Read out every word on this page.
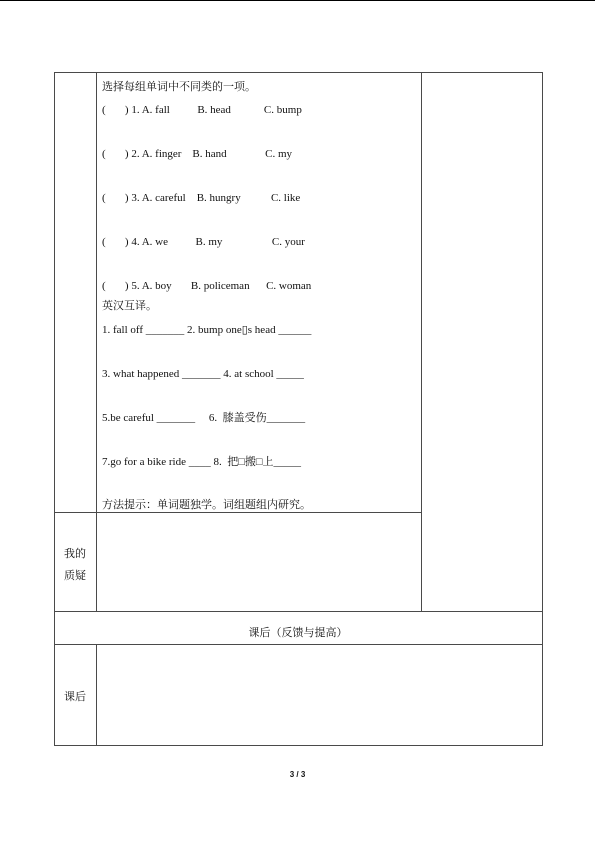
选择每组单词中不同类的一项。
(       ) 1. A. fall          B. head            C. bump
(       ) 2. A. finger    B. hand              C. my
(       ) 3. A. careful    B. hungry           C. like
(       ) 4. A. we          B. my                  C. your
(       ) 5. A. boy       B. policeman      C. woman
英汉互译。
1. fall off _______ 2. bump one▯s head ______
3. what happened _______ 4. at school _____
5.be careful _______     6.  膝盖受伤_______
7.go for a bike ride ____ 8.  把□搬□上_____
方法提示：单词题独学。词组题组内研究。
我的
质疑
课后（反馈与提高）
课后
3 / 3
